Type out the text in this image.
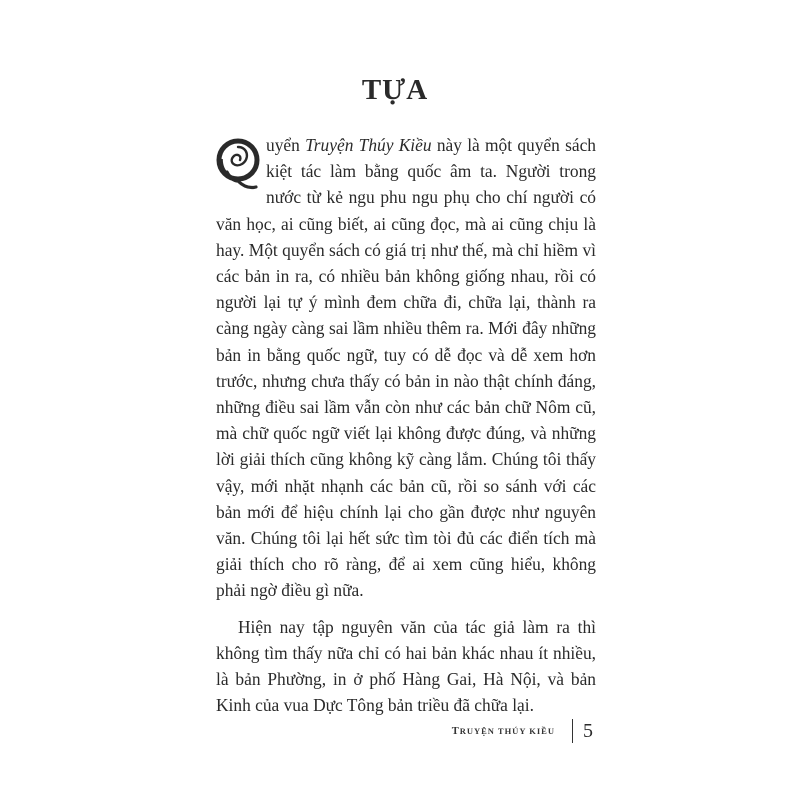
TỰA

uyển Truyện Thúy Kiều này là một quyển sách kiệt tác làm bằng quốc âm ta. Người trong nước từ kẻ ngu phu ngu phụ cho chí người có văn học, ai cũng biết, ai cũng đọc, mà ai cũng chịu là hay. Một quyển sách có giá trị như thế, mà chỉ hiềm vì các bản in ra, có nhiều bản không giống nhau, rồi có người lại tự ý mình đem chữa đi, chữa lại, thành ra càng ngày càng sai lầm nhiều thêm ra. Mới đây những bản in bằng quốc ngữ, tuy có dễ đọc và dễ xem hơn trước, nhưng chưa thấy có bản in nào thật chính đáng, những điều sai lầm vẫn còn như các bản chữ Nôm cũ, mà chữ quốc ngữ viết lại không được đúng, và những lời giải thích cũng không kỹ càng lắm. Chúng tôi thấy vậy, mới nhặt nhạnh các bản cũ, rồi so sánh với các bản mới để hiệu chính lại cho gần được như nguyên văn. Chúng tôi lại hết sức tìm tòi đủ các điển tích mà giải thích cho rõ ràng, để ai xem cũng hiểu, không phải ngờ điều gì nữa.

Hiện nay tập nguyên văn của tác giả làm ra thì không tìm thấy nữa chỉ có hai bản khác nhau ít nhiều, là bản Phường, in ở phố Hàng Gai, Hà Nội, và bản Kinh của vua Dực Tông bản triều đã chữa lại.

TRUYỆN THÚY KIỀU 5
